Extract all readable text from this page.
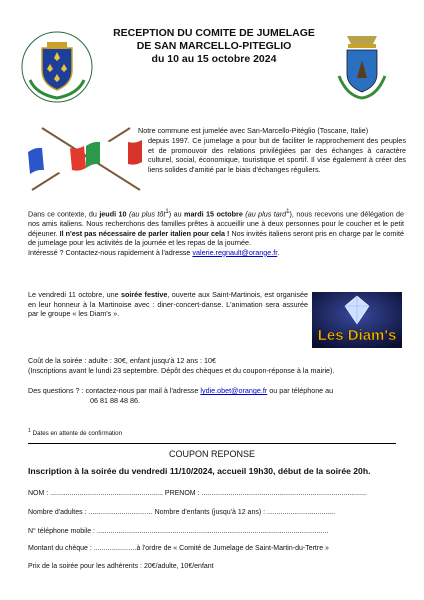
RECEPTION DU COMITE DE JUMELAGE
DE SAN MARCELLO-PITEGLIO
du 10 au 15 octobre 2024
Notre commune est jumelée avec San-Marcello-Pitéglio (Toscane, Italie)
depuis 1997. Ce jumelage a pour but de faciliter le rapprochement des peuples et de promouvoir des relations privilégiées par des échanges à caractère culturel, social, économique, touristique et sportif. Il vise également à créer des liens solides d'amitié par le biais d'échanges réguliers.
Dans ce contexte, du jeudi 10 (au plus tôt$^1$) au mardi 15 octobre (au plus tard$^1$), nous recevons une délégation de nos amis italiens. Nous recherchons des familles prêtes à accueillir une à deux personnes pour le coucher et le petit déjeuner. Il n'est pas nécessaire de parler italien pour cela ! Nos invités italiens seront pris en charge par le comité de jumelage pour les activités de la journée et les repas de la journée.
Intéressé ? Contactez-nous rapidement à l'adresse valerie.regnault@orange.fr.
Le vendredi 11 octobre, une soirée festive, ouverte aux Saint-Martinois, est organisée en leur honneur à la Martinoise avec : diner-concert-danse. L'animation sera assurée par le groupe « les Diam's ».
Les Diam's
Coût de la soirée : adulte : 30€, enfant jusqu'à 12 ans : 10€
(Inscriptions avant le lundi 23 septembre. Dépôt des chèques et du coupon-réponse à la mairie).
Des questions ? : contactez-nous par mail à l'adresse lydie.obet@orange.fr ou par téléphone au
06 81 88 48 86.
$^1$ Dates en attente de confirmation
COUPON REPONSE
Inscription à la soirée du vendredi 11/10/2024, accueil 19h30, début de la soirée 20h.
NOM : .......................................................... PRENOM : .....................................................................................
Nombre d'adultes : ................................. Nombre d'enfants (jusqu'à 12 ans) : ...................................
N° téléphone mobile : .......................................................................................................................
Montant du chèque : ......................à l'ordre de « Comité de Jumelage de Saint-Martin-du-Tertre »
Prix de la soirée pour les adhérents : 20€/adulte, 10€/enfant
